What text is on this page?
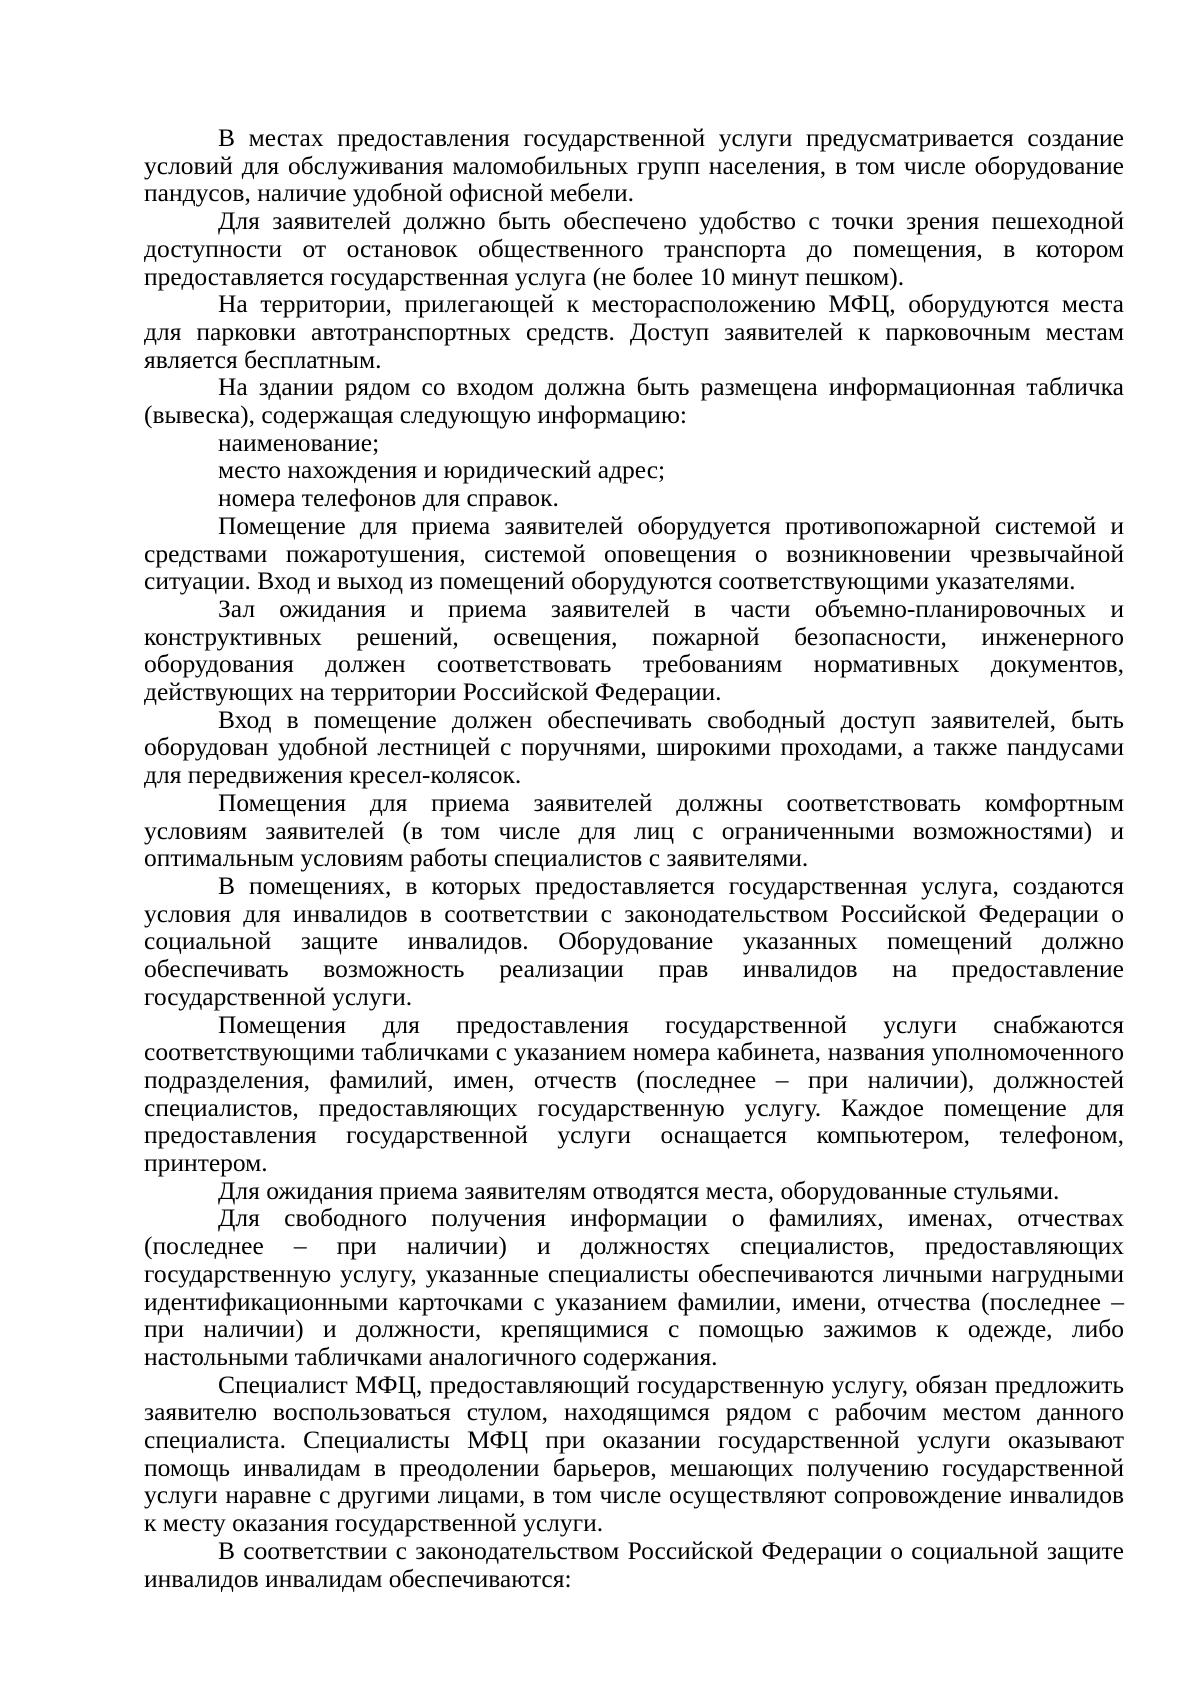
В местах предоставления государственной услуги предусматривается создание условий для обслуживания маломобильных групп населения, в том числе оборудование пандусов, наличие удобной офисной мебели.

Для заявителей должно быть обеспечено удобство с точки зрения пешеходной доступности от остановок общественного транспорта до помещения, в котором предоставляется государственная услуга (не более 10 минут пешком).

На территории, прилегающей к месторасположению МФЦ, оборудуются места для парковки автотранспортных средств. Доступ заявителей к парковочным местам является бесплатным.

На здании рядом со входом должна быть размещена информационная табличка (вывеска), содержащая следующую информацию:

наименование;

место нахождения и юридический адрес;

номера телефонов для справок.

Помещение для приема заявителей оборудуется противопожарной системой и средствами пожаротушения, системой оповещения о возникновении чрезвычайной ситуации. Вход и выход из помещений оборудуются соответствующими указателями.

Зал ожидания и приема заявителей в части объемно-планировочных и конструктивных решений, освещения, пожарной безопасности, инженерного оборудования должен соответствовать требованиям нормативных документов, действующих на территории Российской Федерации.

Вход в помещение должен обеспечивать свободный доступ заявителей, быть оборудован удобной лестницей с поручнями, широкими проходами, а также пандусами для передвижения кресел-колясок.

Помещения для приема заявителей должны соответствовать комфортным условиям заявителей (в том числе для лиц с ограниченными возможностями) и оптимальным условиям работы специалистов с заявителями.

В помещениях, в которых предоставляется государственная услуга, создаются условия для инвалидов в соответствии с законодательством Российской Федерации о социальной защите инвалидов. Оборудование указанных помещений должно обеспечивать возможность реализации прав инвалидов на предоставление государственной услуги.

Помещения для предоставления государственной услуги снабжаются соответствующими табличками с указанием номера кабинета, названия уполномоченного подразделения, фамилий, имен, отчеств (последнее – при наличии), должностей специалистов, предоставляющих государственную услугу. Каждое помещение для предоставления государственной услуги оснащается компьютером, телефоном, принтером.

Для ожидания приема заявителям отводятся места, оборудованные стульями.

Для свободного получения информации о фамилиях, именах, отчествах (последнее – при наличии) и должностях специалистов, предоставляющих государственную услугу, указанные специалисты обеспечиваются личными нагрудными идентификационными карточками с указанием фамилии, имени, отчества (последнее – при наличии) и должности, крепящимися с помощью зажимов к одежде, либо настольными табличками аналогичного содержания.

Специалист МФЦ, предоставляющий государственную услугу, обязан предложить заявителю воспользоваться стулом, находящимся рядом с рабочим местом данного специалиста. Специалисты МФЦ при оказании государственной услуги оказывают помощь инвалидам в преодолении барьеров, мешающих получению государственной услуги наравне с другими лицами, в том числе осуществляют сопровождение инвалидов к месту оказания государственной услуги.

В соответствии с законодательством Российской Федерации о социальной защите инвалидов инвалидам обеспечиваются:
